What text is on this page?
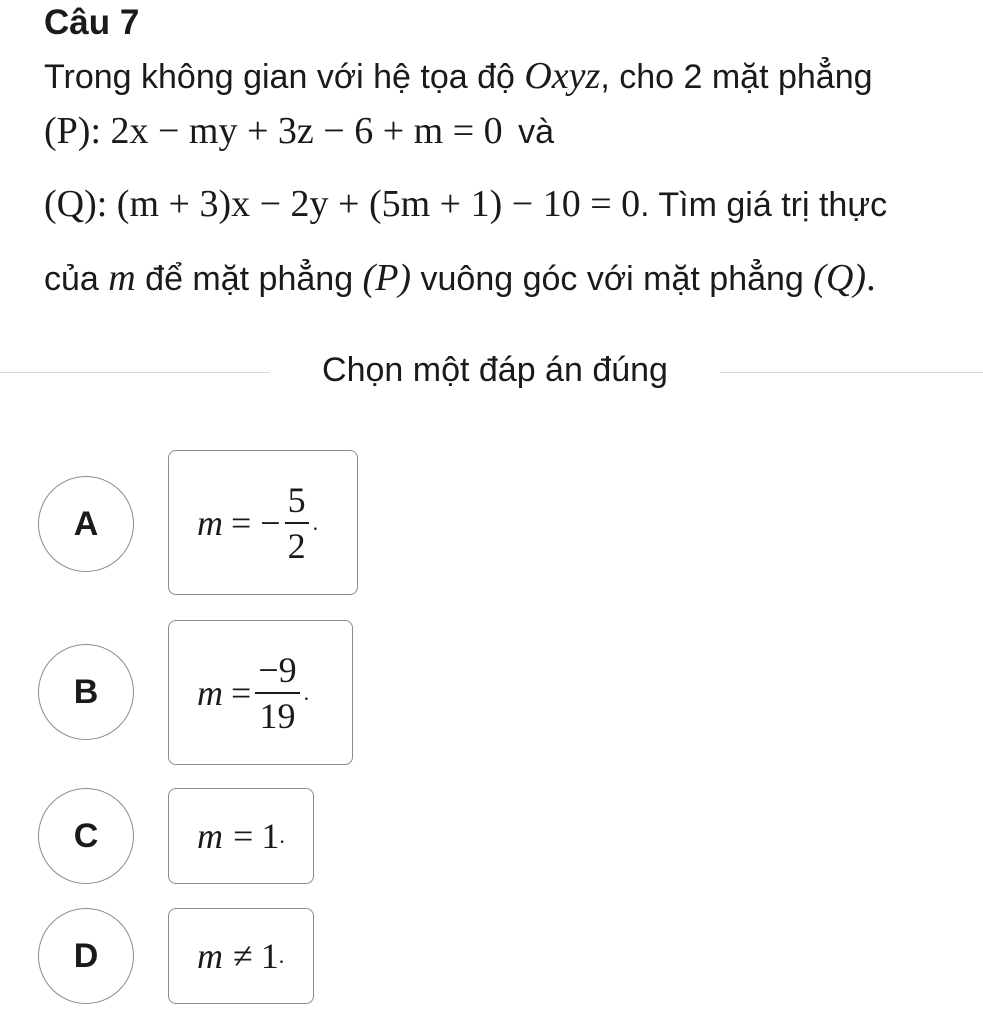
Câu 7
Trong không gian với hệ tọa độ Oxyz, cho 2 mặt phẳng
(P): 2x − my + 3z − 6 + m = 0 và
(Q): (m + 3)x − 2y + (5m + 1) − 10 = 0. Tìm giá trị thực
của m để mặt phẳng (P) vuông góc với mặt phẳng (Q).
Chọn một đáp án đúng
A	m = − $\frac{5}{2}$ .
B	$m = \frac{-9}{19}$ .
C	m = 1 .
D	m ≠ 1 .
